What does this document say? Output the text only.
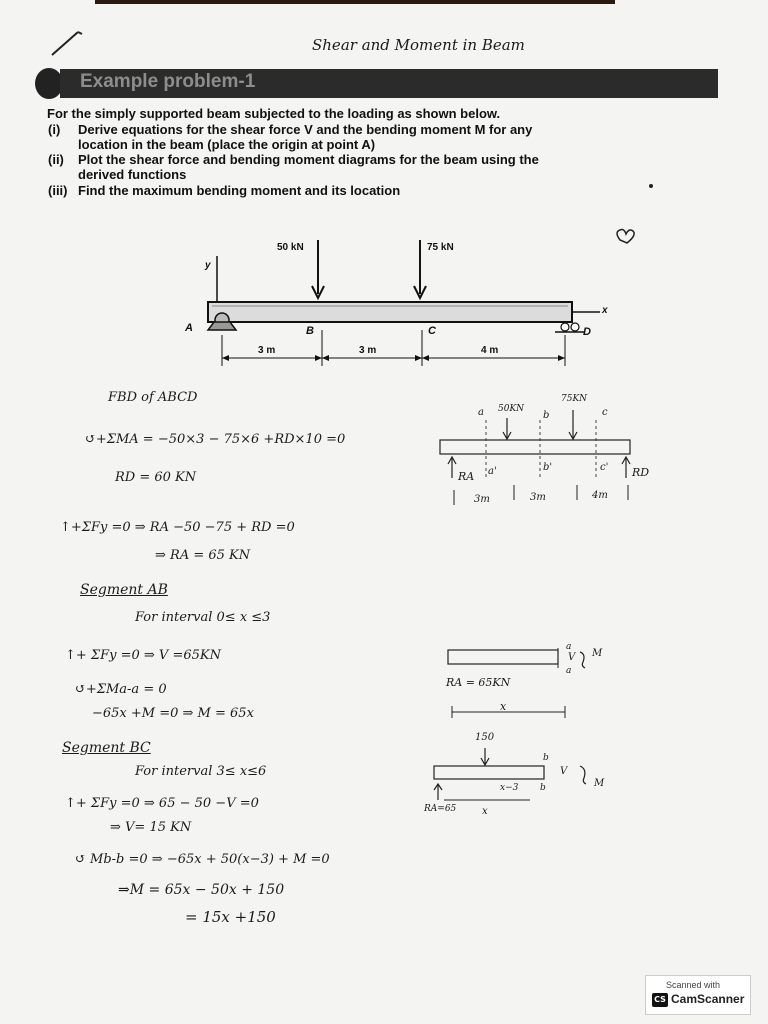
Shear and Moment in Beam
Example problem-1
For the simply supported beam subjected to the loading as shown below.
(i) Derive equations for the shear force V and the bending moment M for any
location in the beam (place the origin at point A)
(ii) Plot the shear force and bending moment diagrams for the beam using the
derived functions
(iii) Find the maximum bending moment and its location
50 kN	75 kN
y
x
A	B	C	D
3 m	3 m	4 m
FBD of ABCD
↺+ΣMA = −50×3 − 75×6 +RD×10 =0
RD = 60 KN
↑+ΣFy =0 ⇒ RA −50 −75 + RD =0
⇒ RA = 65 KN
Segment AB
For interval 0≤ x ≤3
↑+ ΣFy =0 ⇒ V =65KN
↺+ΣMa-a = 0
−65x +M =0 ⇒ M = 65x
Segment BC
For interval 3≤ x≤6
↑+ ΣFy =0 ⇒ 65 − 50 −V =0
⇒ V= 15 KN
↺ Mb-b =0 ⇒ −65x + 50(x−3) + M =0
⇒M = 65x − 50x + 150
= 15x +150
50KN
75KN
a	b	c
a'	b'	c'
RA	RD
3m	3m	4m
RA = 65KN
x
a
a
V M
150
RA=65	x
x−3
b
b
V
M
Scanned with
CS CamScanner
